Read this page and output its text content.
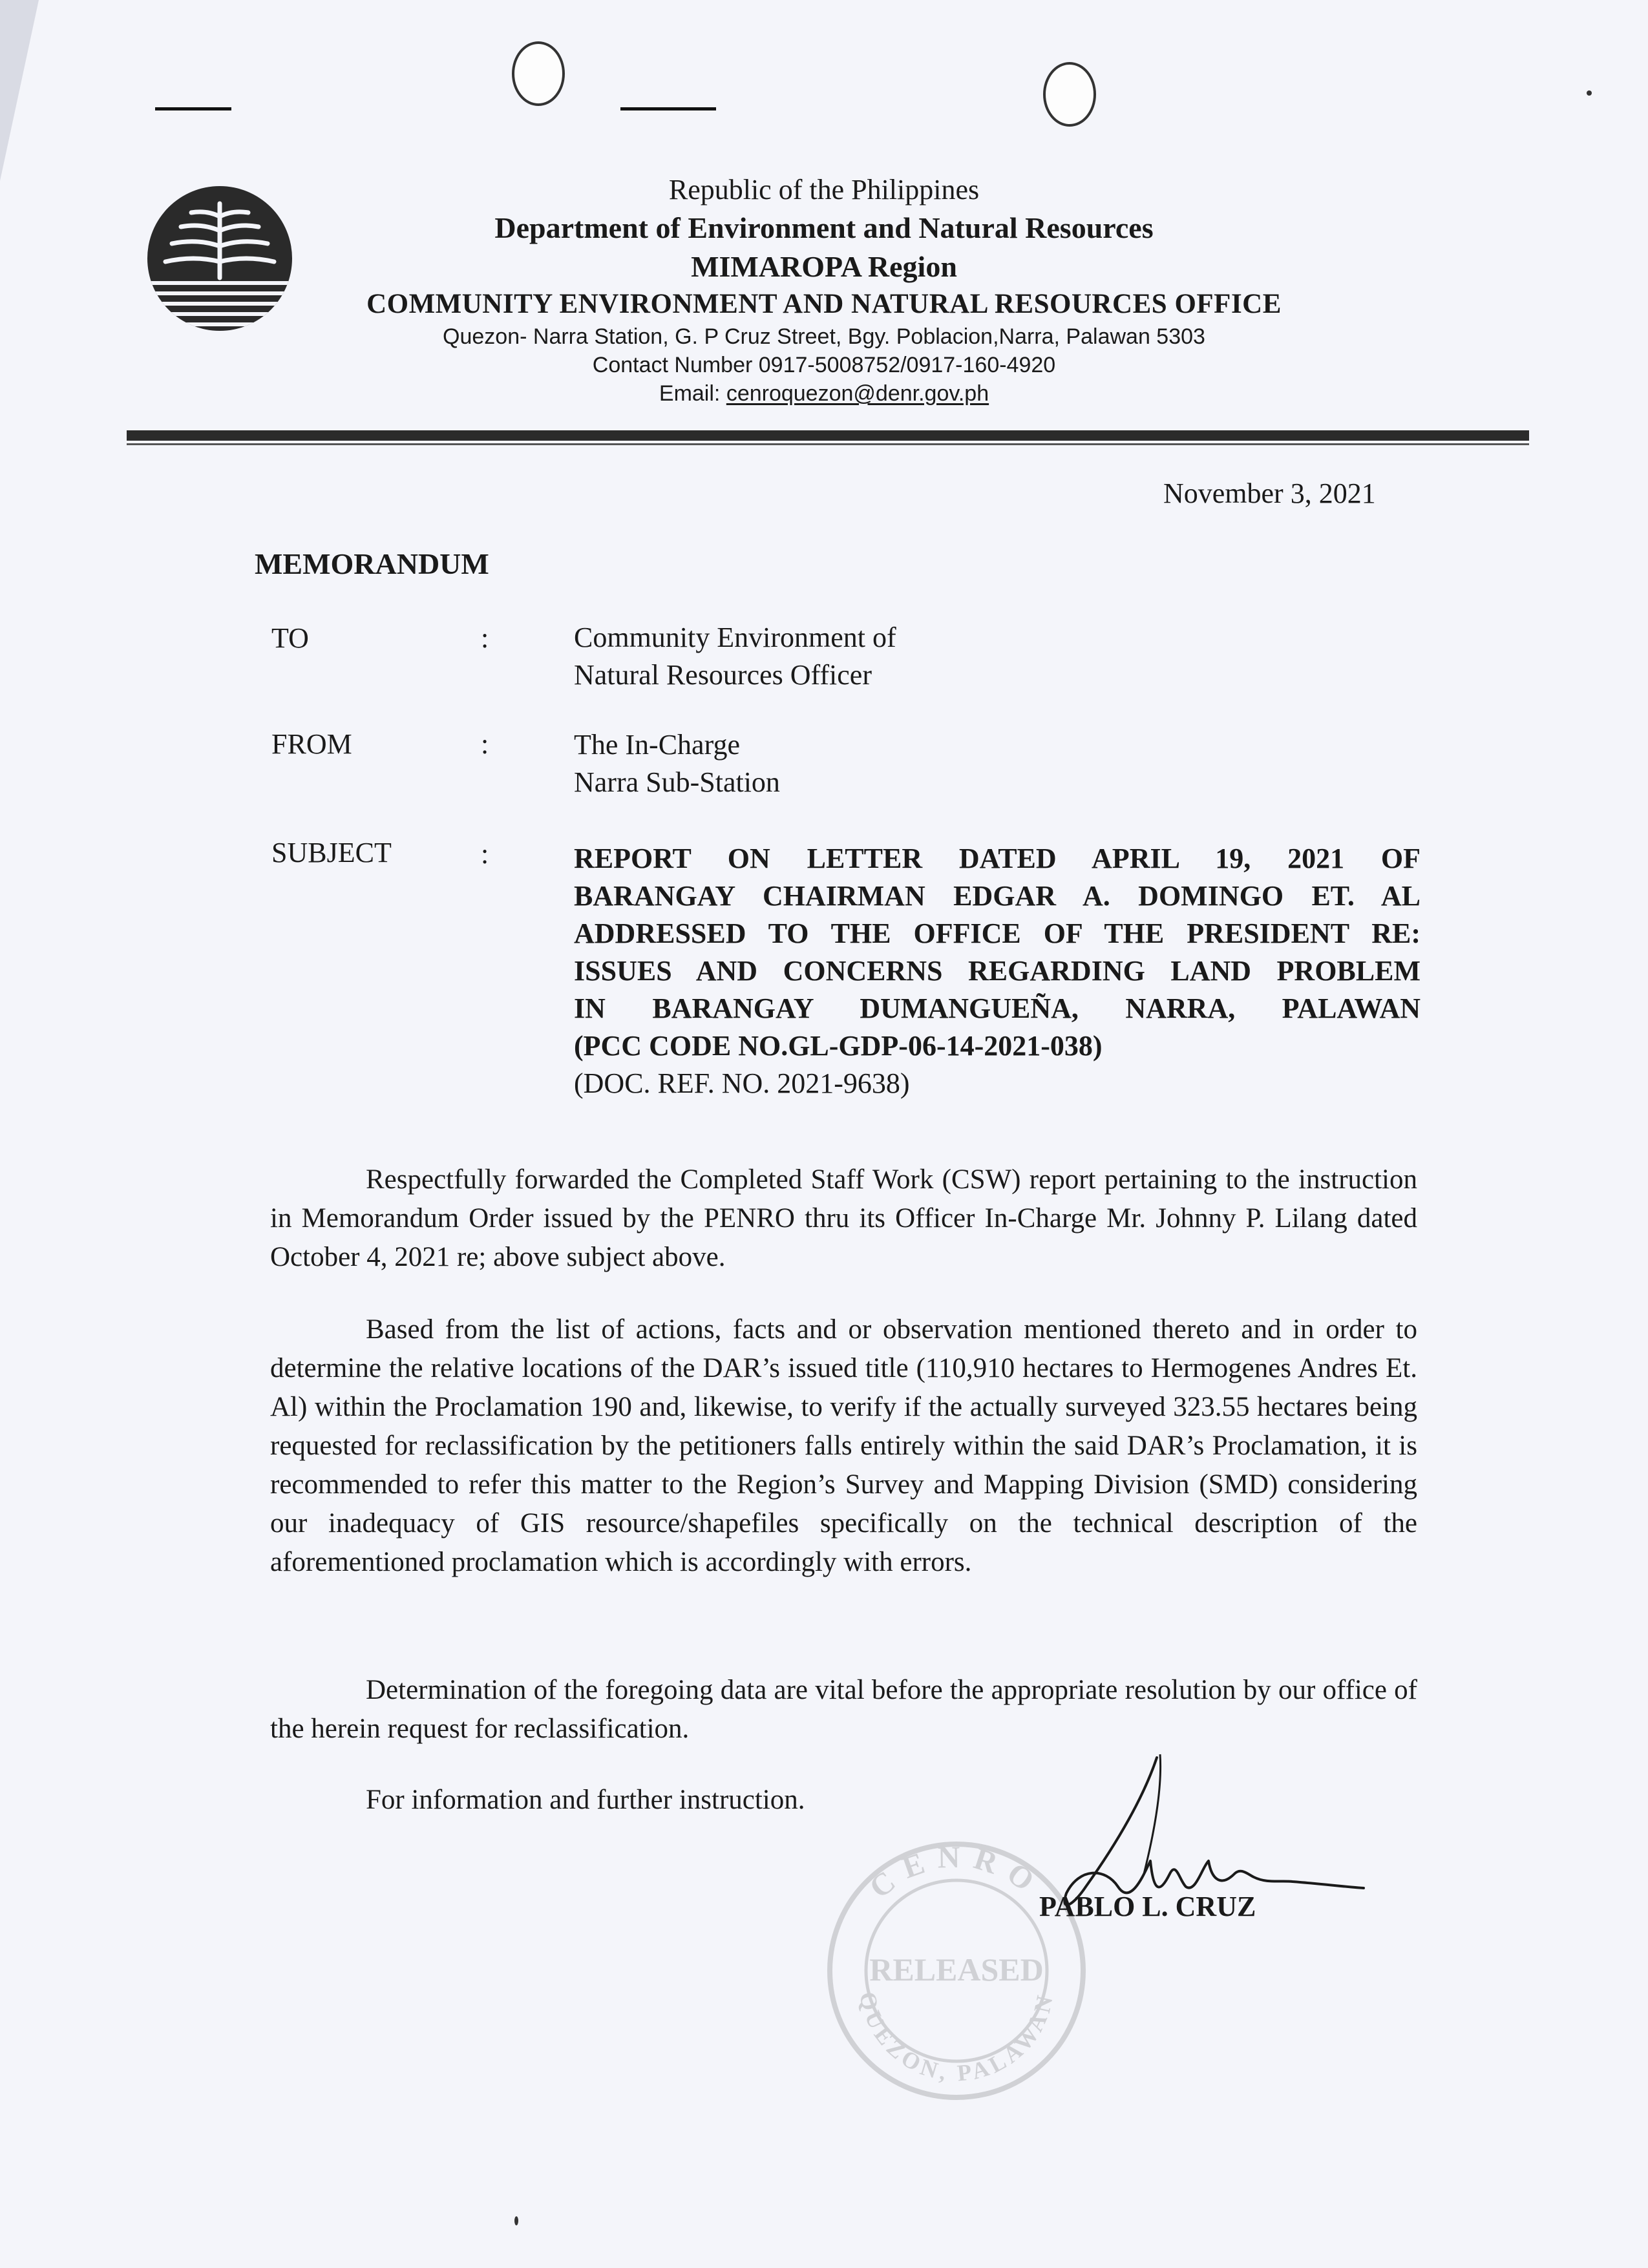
Republic of the Philippines
Department of Environment and Natural Resources
MIMAROPA Region
COMMUNITY ENVIRONMENT AND NATURAL RESOURCES OFFICE
Quezon- Narra Station, G. P Cruz Street, Bgy. Poblacion,Narra, Palawan 5303
Contact Number 0917-5008752/0917-160-4920
Email: cenroquezon@denr.gov.ph
November 3, 2021
MEMORANDUM
TO	:	Community Environment of
Natural Resources Officer
FROM	:	The In-Charge
Narra Sub-Station
SUBJECT	:	REPORT ON LETTER DATED APRIL 19, 2021 OF
BARANGAY CHAIRMAN EDGAR A. DOMINGO ET. AL
ADDRESSED TO THE OFFICE OF THE PRESIDENT RE:
ISSUES AND CONCERNS REGARDING LAND PROBLEM
IN BARANGAY DUMANGUEÑA, NARRA, PALAWAN
(PCC CODE NO.GL-GDP-06-14-2021-038)
(DOC. REF. NO. 2021-9638)
Respectfully forwarded the Completed Staff Work (CSW) report pertaining to the instruction in Memorandum Order issued by the PENRO thru its Officer In-Charge Mr. Johnny P. Lilang dated October 4, 2021 re; above subject above.
Based from the list of actions, facts and or observation mentioned thereto and in order to determine the relative locations of the DAR’s issued title (110,910 hectares to Hermogenes Andres Et. Al) within the Proclamation 190 and, likewise, to verify if the actually surveyed 323.55 hectares being requested for reclassification by the petitioners falls entirely within the said DAR’s Proclamation, it is recommended to refer this matter to the Region’s Survey and Mapping Division (SMD) considering our inadequacy of GIS resource/shapefiles specifically on the technical description of the aforementioned proclamation which is accordingly with errors.
Determination of the foregoing data are vital before the appropriate resolution by our office of the herein request for reclassification.
For information and further instruction.
CENRO
RELEASED
QUEZON, PALAWAN
PABLO L. CRUZ
